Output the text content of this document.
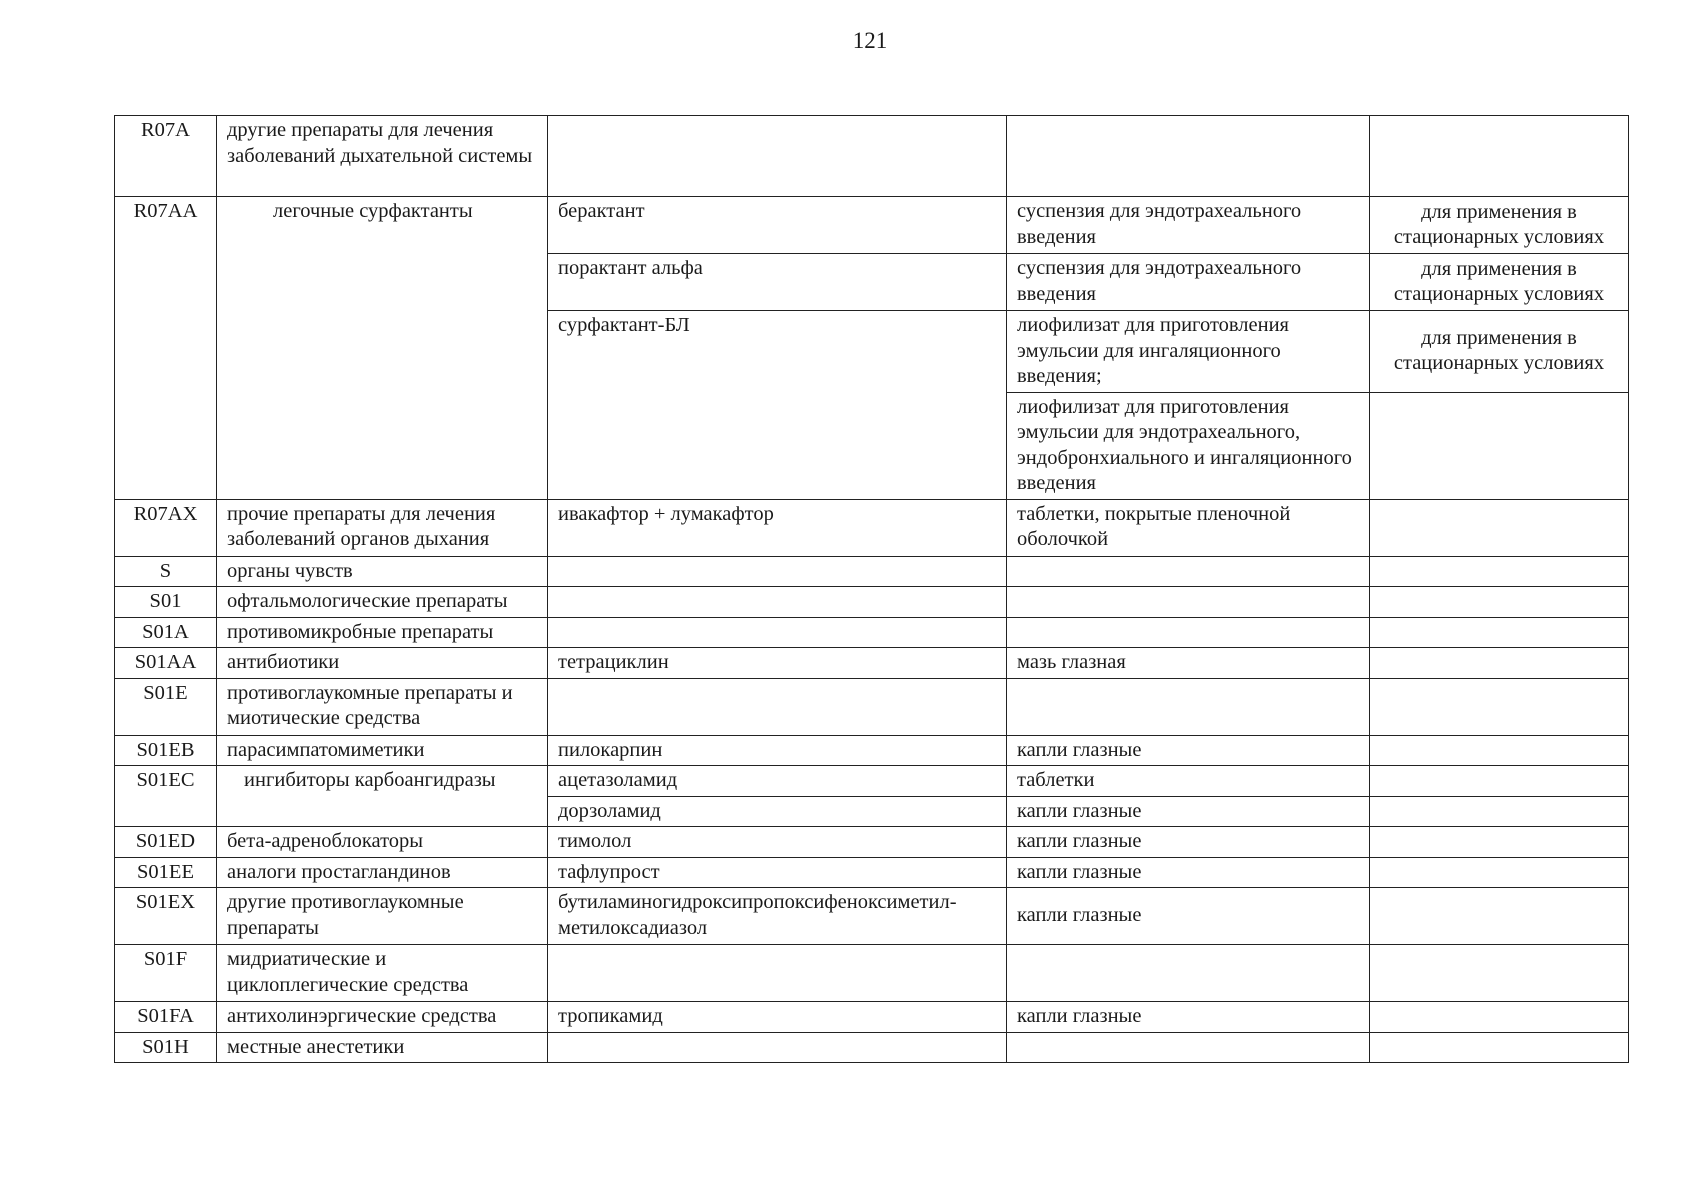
121
R07A	другие препараты для лечения заболеваний дыхательной системы			
R07AA	легочные сурфактанты	берактант	суспензия для эндотрахеального введения	для применения в стационарных условиях
		порактант альфа	суспензия для эндотрахеального введения	для применения в стационарных условиях
		сурфактант-БЛ	лиофилизат для приготовления эмульсии для ингаляционного введения;	для применения в стационарных условиях
			лиофилизат для приготовления эмульсии для эндотрахеального, эндобронхиального и ингаляционного введения	
R07AX	прочие препараты для лечения заболеваний органов дыхания	ивакафтор + лумакафтор	таблетки, покрытые пленочной оболочкой	
S	органы чувств			
S01	офтальмологические препараты			
S01A	противомикробные препараты			
S01AA	антибиотики	тетрациклин	мазь глазная	
S01E	противоглаукомные препараты и миотические средства			
S01EB	парасимпатомиметики	пилокарпин	капли глазные	
S01EC	ингибиторы карбоангидразы	ацетазоламид	таблетки	
		дорзоламид	капли глазные	
S01ED	бета-адреноблокаторы	тимолол	капли глазные	
S01EE	аналоги простагландинов	тафлупрост	капли глазные	
S01EX	другие противоглаукомные препараты	бутиламиногидроксипропоксифеноксиметил-метилоксадиазол	капли глазные	
S01F	мидриатические и циклоплегические средства			
S01FA	антихолинэргические средства	тропикамид	капли глазные	
S01H	местные анестетики			
